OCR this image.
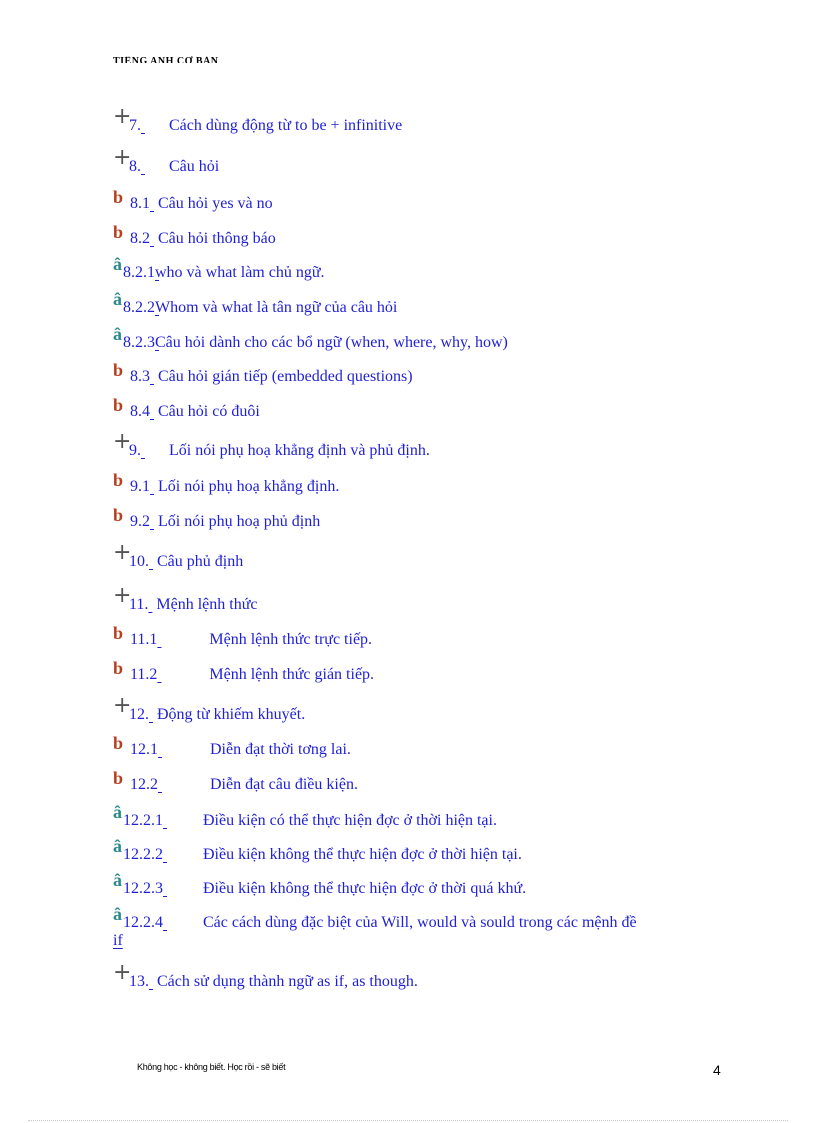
TIẾNG ANH CƠ BẢN
+
7. Cách dùng động từ to be + infinitive
+
8. Câu hỏi
b 8.1 Câu hỏi yes và no
b 8.2 Câu hỏi thông báo
â 8.2.1 who và what làm chủ ngữ.
â 8.2.2 Whom và what là tân ngữ của câu hỏi
â 8.2.3 Câu hỏi dành cho các bổ ngữ (when, where, why, how)
b 8.3 Câu hỏi gián tiếp (embedded questions)
b 8.4 Câu hỏi có đuôi
+
9. Lối nói phụ hoạ khẳng định và phủ định.
b 9.1 Lối nói phụ hoạ khẳng định.
b 9.2 Lối nói phụ hoạ phủ định
+
10. Câu phủ định
+
11. Mệnh lệnh thức
b 11.1	Mệnh lệnh thức trực tiếp.
b 11.2	Mệnh lệnh thức gián tiếp.
+
12. Động từ khiếm khuyết.
b 12.1	Diễn đạt thời tơng lai.
b 12.2	Diễn đạt câu điều kiện.
â 12.2.1	Điều kiện có thể thực hiện đợc ở thời hiện tại.
â 12.2.2	Điều kiện không thể thực hiện đợc ở thời hiện tại.
â 12.2.3	Điều kiện không thể thực hiện đợc ở thời quá khứ.
â 12.2.4	Các cách dùng đặc biệt của Will, would và sould trong các mệnh đề
if
+
13. Cách sử dụng thành ngữ as if, as though.
Không học - không biết. Học rồi - sẽ biết	4
